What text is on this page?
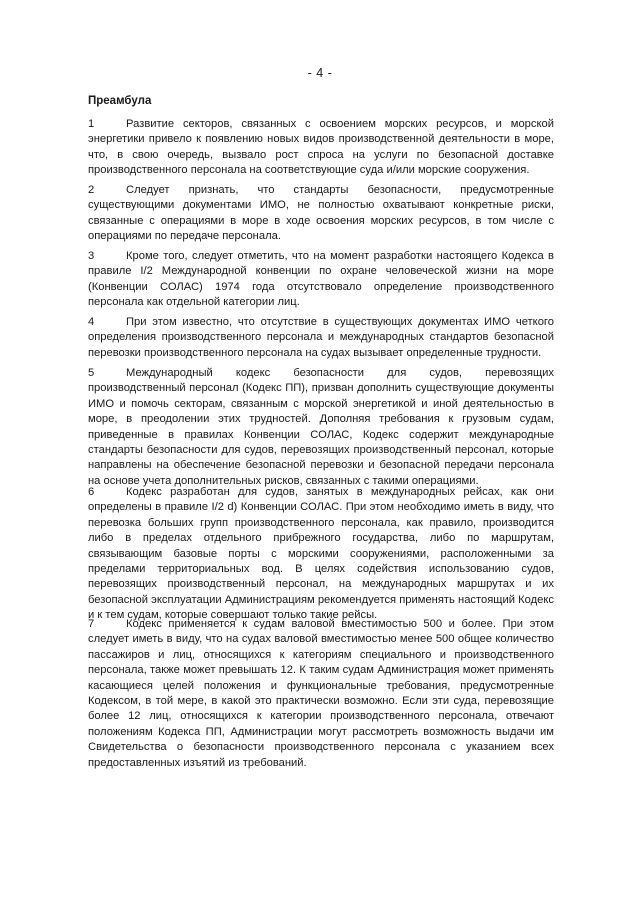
- 4 -
Преамбула
1	Развитие секторов, связанных с освоением морских ресурсов, и морской энергетики привело к появлению новых видов производственной деятельности в море, что, в свою очередь, вызвало рост спроса на услуги по безопасной доставке производственного персонала на соответствующие суда и/или морские сооружения.
2	Следует признать, что стандарты безопасности, предусмотренные существующими документами ИМО, не полностью охватывают конкретные риски, связанные с операциями в море в ходе освоения морских ресурсов, в том числе с операциями по передаче персонала.
3	Кроме того, следует отметить, что на момент разработки настоящего Кодекса в правиле I/2 Международной конвенции по охране человеческой жизни на море (Конвенции СОЛАС) 1974 года отсутствовало определение производственного персонала как отдельной категории лиц.
4	При этом известно, что отсутствие в существующих документах ИМО четкого определения производственного персонала и международных стандартов безопасной перевозки производственного персонала на судах вызывает определенные трудности.
5	Международный кодекс безопасности для судов, перевозящих производственный персонал (Кодекс ПП), призван дополнить существующие документы ИМО и помочь секторам, связанным с морской энергетикой и иной деятельностью в море, в преодолении этих трудностей. Дополняя требования к грузовым судам, приведенные в правилах Конвенции СОЛАС, Кодекс содержит международные стандарты безопасности для судов, перевозящих производственный персонал, которые направлены на обеспечение безопасной перевозки и безопасной передачи персонала на основе учета дополнительных рисков, связанных с такими операциями.
6	Кодекс разработан для судов, занятых в международных рейсах, как они определены в правиле I/2 d) Конвенции СОЛАС. При этом необходимо иметь в виду, что перевозка больших групп производственного персонала, как правило, производится либо в пределах отдельного прибрежного государства, либо по маршрутам, связывающим базовые порты с морскими сооружениями, расположенными за пределами территориальных вод. В целях содействия использованию судов, перевозящих производственный персонал, на международных маршрутах и их безопасной эксплуатации Администрациям рекомендуется применять настоящий Кодекс и к тем судам, которые совершают только такие рейсы.
7	Кодекс применяется к судам валовой вместимостью 500 и более. При этом следует иметь в виду, что на судах валовой вместимостью менее 500 общее количество пассажиров и лиц, относящихся к категориям специального и производственного персонала, также может превышать 12. К таким судам Администрация может применять касающиеся целей положения и функциональные требования, предусмотренные Кодексом, в той мере, в какой это практически возможно. Если эти суда, перевозящие более 12 лиц, относящихся к категории производственного персонала, отвечают положениям Кодекса ПП, Администрации могут рассмотреть возможность выдачи им Свидетельства о безопасности производственного персонала с указанием всех предоставленных изъятий из требований.
